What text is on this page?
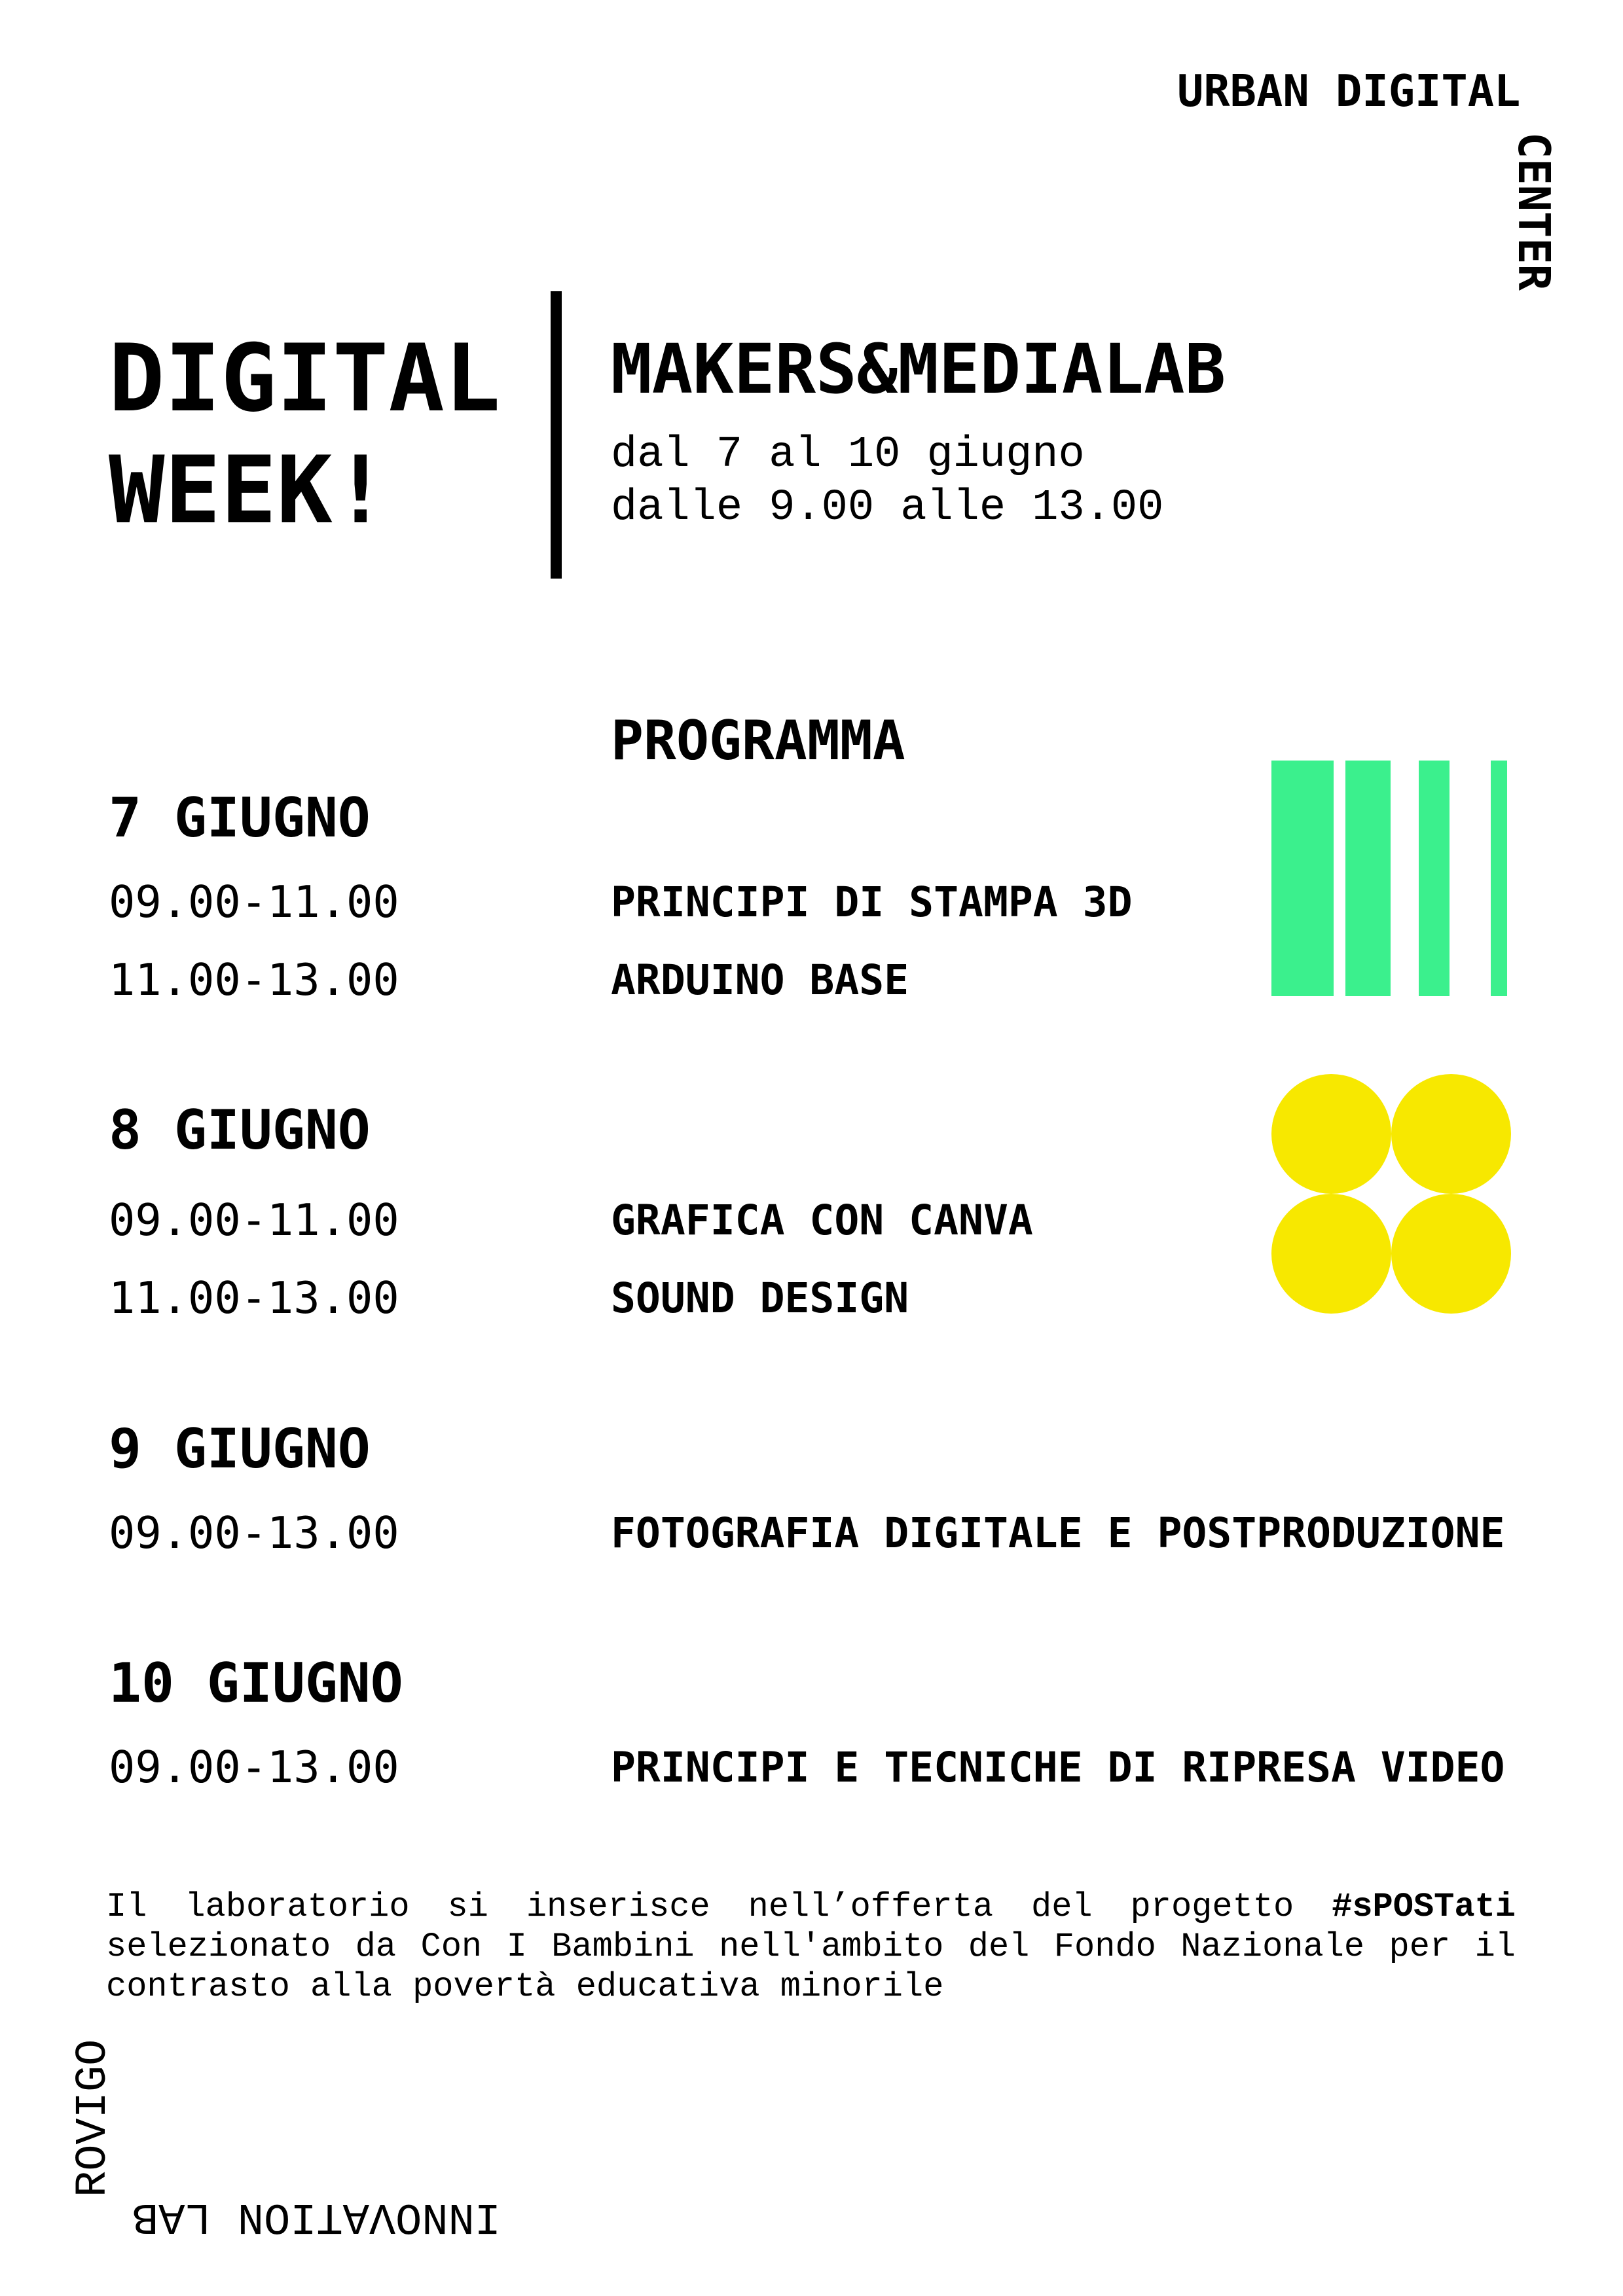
URBAN DIGITAL
CENTER
DIGITAL
WEEK!
MAKERS&MEDIALAB
dal 7 al 10 giugno
dalle 9.00 alle 13.00
PROGRAMMA
7 GIUGNO
09.00-11.00	PRINCIPI DI STAMPA 3D
11.00-13.00	ARDUINO BASE
8 GIUGNO
09.00-11.00	GRAFICA CON CANVA
11.00-13.00	SOUND DESIGN
9 GIUGNO
09.00-13.00	FOTOGRAFIA DIGITALE E POSTPRODUZIONE
10 GIUGNO
09.00-13.00	PRINCIPI E TECNICHE DI RIPRESA VIDEO
Il laboratorio si inserisce nell’offerta del progetto #sPOSTati
selezionato da Con I Bambini nell'ambito del Fondo Nazionale per il contrasto alla povertà educativa minorile
ROVIGO
INNOVATION LAB
